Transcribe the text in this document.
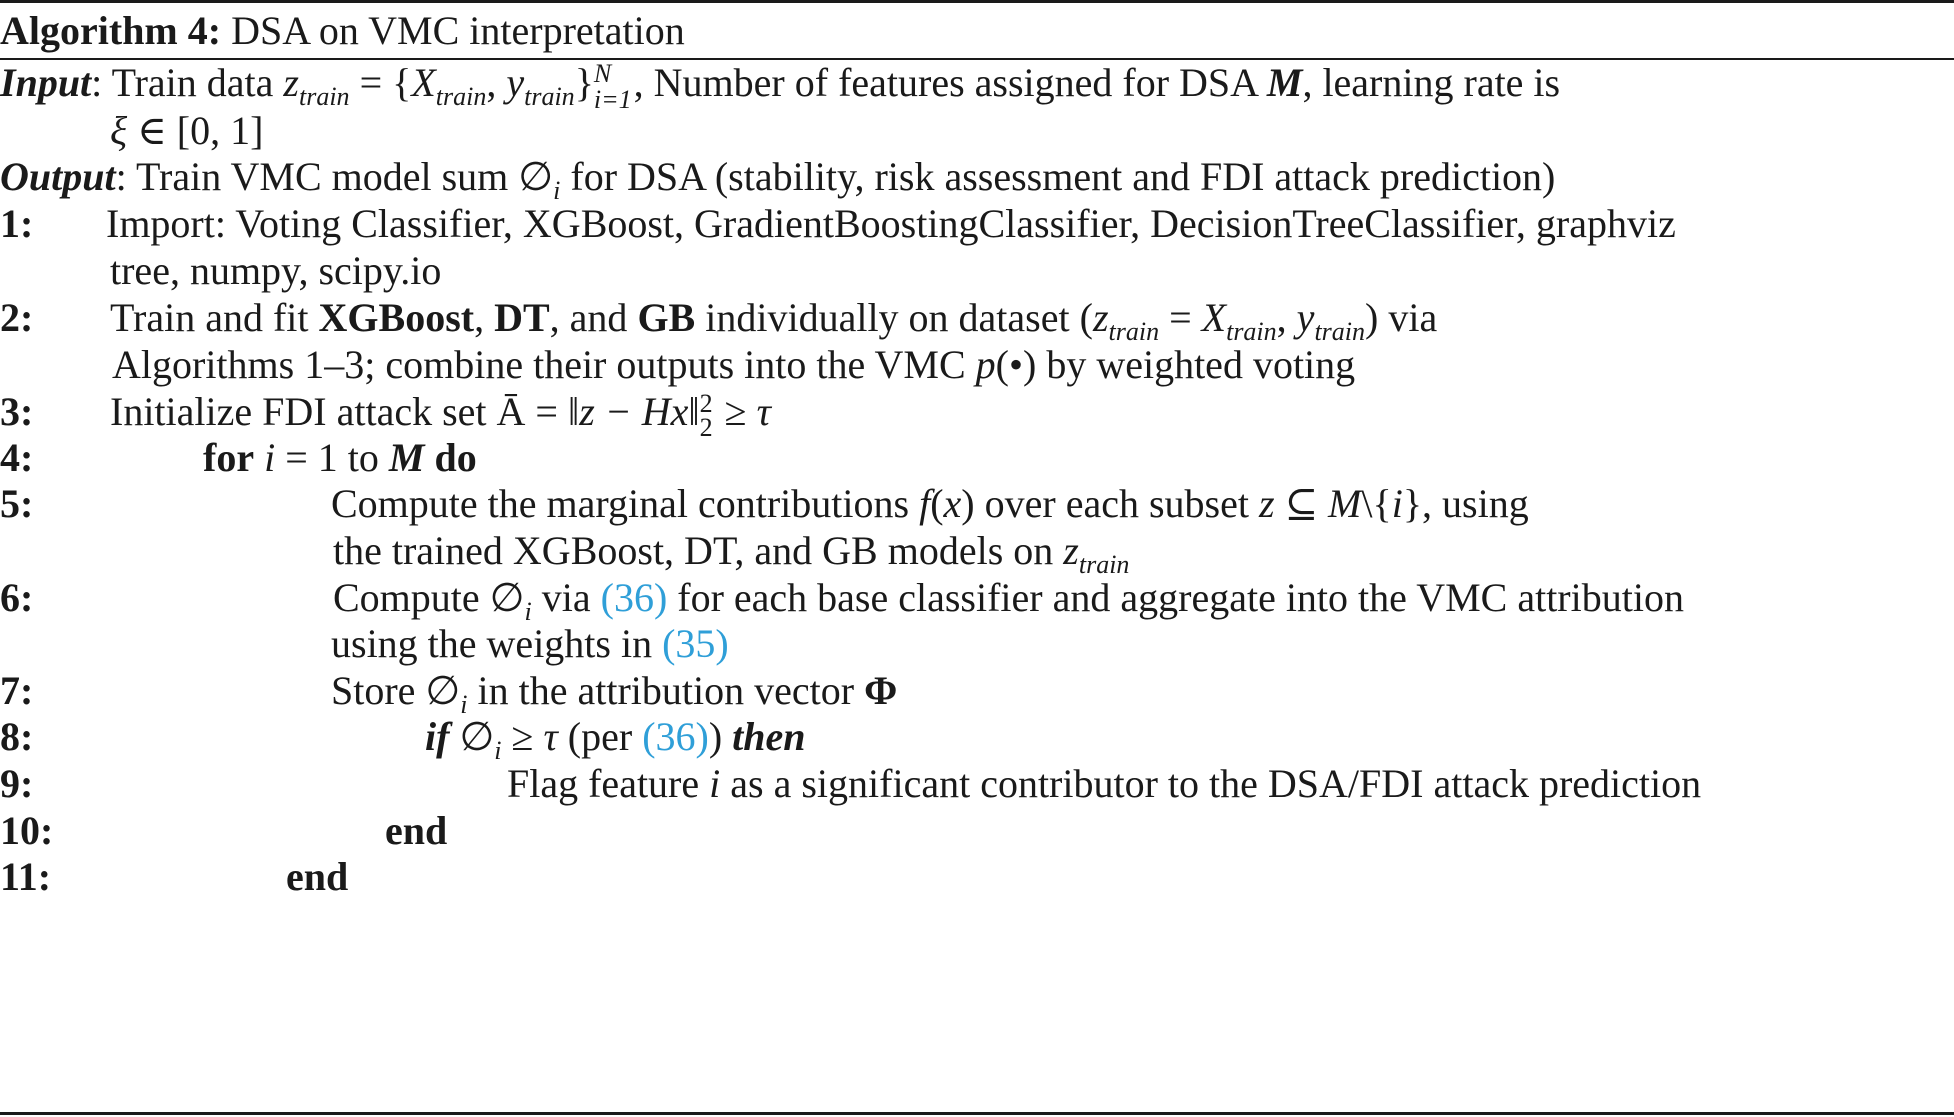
Algorithm 4: DSA on VMC interpretation
Input: Train data $z_{train} = \{X_{train}$, $y_{train}$} N
i=1 , Number of features assigned for DSA M, learning rate is
ξ ∈ [0, 1]
Output: Train VMC model sum $\emptyset_i$ for DSA (stability, risk assessment and FDI attack prediction)
1: Import: Voting Classifier, XGBoost, GradientBoostingClassifier, DecisionTreeClassifier, graphviz
tree, numpy, scipy.io
2: Train and fit XGBoost, DT, and GB individually on dataset ($z_{train} = X_{train}$, $y_{train}$) via
Algorithms 1–3; combine their outputs into the VMC p(•) by weighted voting
3: Initialize FDI attack set Ā = ‖z − Hx‖ 2
2 ≥ τ
4:	for i = 1 to M do
5:	Compute the marginal contributions f(x) over each subset z ⊆ M\{i}, using
the trained XGBoost, DT, and GB models on $z_{train}$
6:	Compute $\emptyset_i$ via (36) for each base classifier and aggregate into the VMC attribution
using the weights in (35)
7:	Store $\emptyset_i$ in the attribution vector Φ
8:	if $\emptyset_i \ge \tau$ (per (36)) then
9:	Flag feature i as a significant contributor to the DSA/FDI attack prediction
10:	end
11:	end
